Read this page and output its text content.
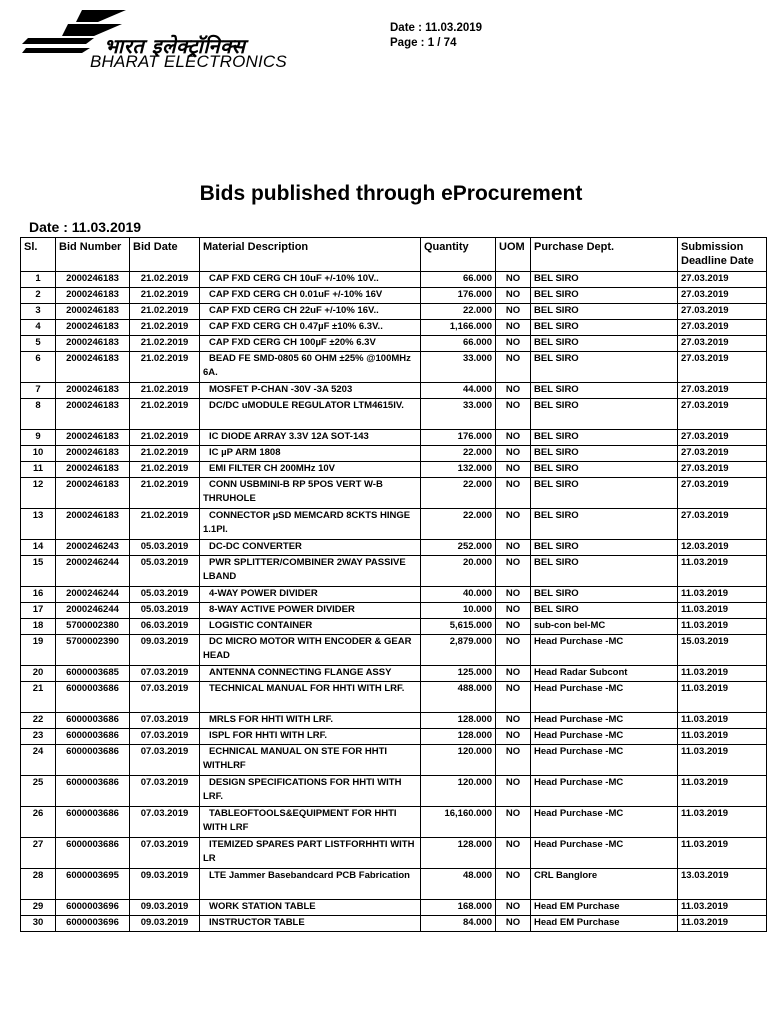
भारत इलेक्ट्रॉनिक्स
BHARAT ELECTRONICS
Date : 11.03.2019
Page : 1 / 74
Bids published through eProcurement
Date : 11.03.2019
Sl.	Bid Number	Bid Date	Material Description	Quantity	UOM	Purchase Dept.	Submission Deadline Date
1	2000246183	21.02.2019	CAP FXD CERG CH 10uF +/-10% 10V..	66.000	NO	BEL SIRO	27.03.2019
2	2000246183	21.02.2019	CAP FXD CERG CH 0.01uF +/-10% 16V	176.000	NO	BEL SIRO	27.03.2019
3	2000246183	21.02.2019	CAP FXD CERG CH 22uF +/-10% 16V..	22.000	NO	BEL SIRO	27.03.2019
4	2000246183	21.02.2019	CAP FXD CERG CH 0.47µF ±10% 6.3V..	1,166.000	NO	BEL SIRO	27.03.2019
5	2000246183	21.02.2019	CAP FXD CERG CH 100µF ±20% 6.3V	66.000	NO	BEL SIRO	27.03.2019
6	2000246183	21.02.2019	BEAD FE SMD-0805 60 OHM ±25% @100MHz 6A.	33.000	NO	BEL SIRO	27.03.2019
7	2000246183	21.02.2019	MOSFET P-CHAN -30V -3A 5203	44.000	NO	BEL SIRO	27.03.2019
8	2000246183	21.02.2019	DC/DC uMODULE REGULATOR LTM4615IV.	33.000	NO	BEL SIRO	27.03.2019
9	2000246183	21.02.2019	IC DIODE ARRAY 3.3V 12A SOT-143	176.000	NO	BEL SIRO	27.03.2019
10	2000246183	21.02.2019	IC µP ARM 1808	22.000	NO	BEL SIRO	27.03.2019
11	2000246183	21.02.2019	EMI FILTER CH 200MHz 10V	132.000	NO	BEL SIRO	27.03.2019
12	2000246183	21.02.2019	CONN USBMINI-B RP 5POS VERT W-B THRUHOLE	22.000	NO	BEL SIRO	27.03.2019
13	2000246183	21.02.2019	CONNECTOR µSD MEMCARD 8CKTS HINGE 1.1PI.	22.000	NO	BEL SIRO	27.03.2019
14	2000246243	05.03.2019	DC-DC CONVERTER	252.000	NO	BEL SIRO	12.03.2019
15	2000246244	05.03.2019	PWR SPLITTER/COMBINER 2WAY PASSIVE LBAND	20.000	NO	BEL SIRO	11.03.2019
16	2000246244	05.03.2019	4-WAY POWER DIVIDER	40.000	NO	BEL SIRO	11.03.2019
17	2000246244	05.03.2019	8-WAY ACTIVE POWER DIVIDER	10.000	NO	BEL SIRO	11.03.2019
18	5700002380	06.03.2019	LOGISTIC CONTAINER	5,615.000	NO	sub-con bel-MC	11.03.2019
19	5700002390	09.03.2019	DC MICRO MOTOR WITH ENCODER & GEAR HEAD	2,879.000	NO	Head Purchase -MC	15.03.2019
20	6000003685	07.03.2019	ANTENNA CONNECTING FLANGE ASSY	125.000	NO	Head Radar Subcont	11.03.2019
21	6000003686	07.03.2019	TECHNICAL MANUAL FOR HHTI WITH LRF.	488.000	NO	Head Purchase -MC	11.03.2019
22	6000003686	07.03.2019	MRLS FOR HHTI WITH LRF.	128.000	NO	Head Purchase -MC	11.03.2019
23	6000003686	07.03.2019	ISPL FOR HHTI WITH LRF.	128.000	NO	Head Purchase -MC	11.03.2019
24	6000003686	07.03.2019	ECHNICAL MANUAL ON STE FOR HHTI WITHLRF	120.000	NO	Head Purchase -MC	11.03.2019
25	6000003686	07.03.2019	DESIGN SPECIFICATIONS FOR HHTI WITH LRF.	120.000	NO	Head Purchase -MC	11.03.2019
26	6000003686	07.03.2019	TABLEOFTOOLS&EQUIPMENT FOR HHTI WITH LRF	16,160.000	NO	Head Purchase -MC	11.03.2019
27	6000003686	07.03.2019	ITEMIZED SPARES PART LISTFORHHTI WITH LR	128.000	NO	Head Purchase -MC	11.03.2019
28	6000003695	09.03.2019	LTE Jammer Basebandcard PCB Fabrication	48.000	NO	CRL Banglore	13.03.2019
29	6000003696	09.03.2019	WORK STATION TABLE	168.000	NO	Head EM Purchase	11.03.2019
30	6000003696	09.03.2019	INSTRUCTOR TABLE	84.000	NO	Head EM Purchase	11.03.2019
